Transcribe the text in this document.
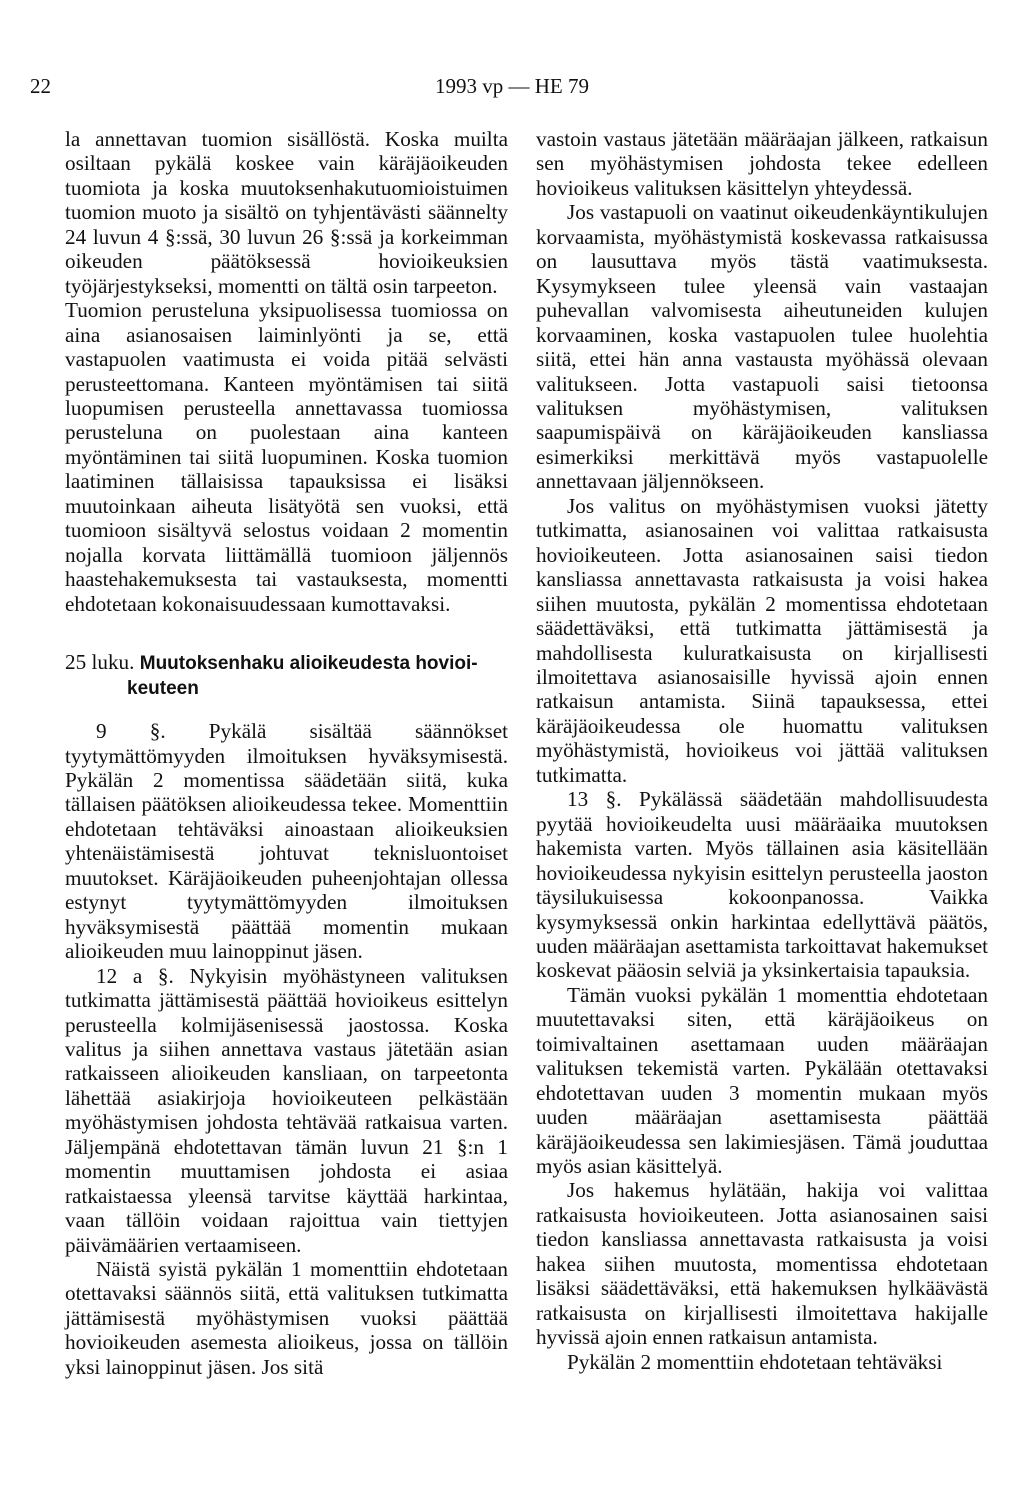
22	1993 vp — HE 79

la annettavan tuomion sisällöstä. Koska muilta osiltaan pykälä koskee vain käräjäoikeuden tuomiota ja koska muutoksenhakutuomioistuimen tuomion muoto ja sisältö on tyhjentävästi säännelty 24 luvun 4 §:ssä, 30 luvun 26 §:ssä ja korkeimman oikeuden päätöksessä hovioikeuksien työjärjestykseksi, momentti on tältä osin tarpeeton.

Tuomion perusteluna yksipuolisessa tuomiossa on aina asianosaisen laiminlyönti ja se, että vastapuolen vaatimusta ei voida pitää selvästi perusteettomana. Kanteen myöntämisen tai siitä luopumisen perusteella annettavassa tuomiossa perusteluna on puolestaan aina kanteen myöntäminen tai siitä luopuminen. Koska tuomion laatiminen tällaisissa tapauksissa ei lisäksi muutoinkaan aiheuta lisätyötä sen vuoksi, että tuomioon sisältyvä selostus voidaan 2 momentin nojalla korvata liittämällä tuomioon jäljennös haastehakemuksesta tai vastauksesta, momentti ehdotetaan kokonaisuudessaan kumottavaksi.

25 luku. Muutoksenhaku alioikeudesta hovioi-
keuteen

9 §. Pykälä sisältää säännökset tyytymättömyyden ilmoituksen hyväksymisestä. Pykälän 2 momentissa säädetään siitä, kuka tällaisen päätöksen alioikeudessa tekee. Momenttiin ehdotetaan tehtäväksi ainoastaan alioikeuksien yhtenäistämisestä johtuvat teknisluontoiset muutokset. Käräjäoikeuden puheenjohtajan ollessa estynyt tyytymättömyyden ilmoituksen hyväksymisestä päättää momentin mukaan alioikeuden muu lainoppinut jäsen.

12 a §. Nykyisin myöhästyneen valituksen tutkimatta jättämisestä päättää hovioikeus esittelyn perusteella kolmijäsenisessä jaostossa. Koska valitus ja siihen annettava vastaus jätetään asian ratkaisseen alioikeuden kansliaan, on tarpeetonta lähettää asiakirjoja hovioikeuteen pelkästään myöhästymisen johdosta tehtävää ratkaisua varten. Jäljempänä ehdotettavan tämän luvun 21 §:n 1 momentin muuttamisen johdosta ei asiaa ratkaistaessa yleensä tarvitse käyttää harkintaa, vaan tällöin voidaan rajoittua vain tiettyjen päivämäärien vertaamiseen.

Näistä syistä pykälän 1 momenttiin ehdotetaan otettavaksi säännös siitä, että valituksen tutkimatta jättämisestä myöhästymisen vuoksi päättää hovioikeuden asemesta alioikeus, jossa on tällöin yksi lainoppinut jäsen. Jos sitä

vastoin vastaus jätetään määräajan jälkeen, ratkaisun sen myöhästymisen johdosta tekee edelleen hovioikeus valituksen käsittelyn yhteydessä.

Jos vastapuoli on vaatinut oikeudenkäyntikulujen korvaamista, myöhästymistä koskevassa ratkaisussa on lausuttava myös tästä vaatimuksesta. Kysymykseen tulee yleensä vain vastaajan puhevallan valvomisesta aiheutuneiden kulujen korvaaminen, koska vastapuolen tulee huolehtia siitä, ettei hän anna vastausta myöhässä olevaan valitukseen. Jotta vastapuoli saisi tietoonsa valituksen myöhästymisen, valituksen saapumispäivä on käräjäoikeuden kansliassa esimerkiksi merkittävä myös vastapuolelle annettavaan jäljennökseen.

Jos valitus on myöhästymisen vuoksi jätetty tutkimatta, asianosainen voi valittaa ratkaisusta hovioikeuteen. Jotta asianosainen saisi tiedon kansliassa annettavasta ratkaisusta ja voisi hakea siihen muutosta, pykälän 2 momentissa ehdotetaan säädettäväksi, että tutkimatta jättämisestä ja mahdollisesta kuluratkaisusta on kirjallisesti ilmoitettava asianosaisille hyvissä ajoin ennen ratkaisun antamista. Siinä tapauksessa, ettei käräjäoikeudessa ole huomattu valituksen myöhästymistä, hovioikeus voi jättää valituksen tutkimatta.

13 §. Pykälässä säädetään mahdollisuudesta pyytää hovioikeudelta uusi määräaika muutoksen hakemista varten. Myös tällainen asia käsitellään hovioikeudessa nykyisin esittelyn perusteella jaoston täysilukuisessa kokoonpanossa. Vaikka kysymyksessä onkin harkintaa edellyttävä päätös, uuden määräajan asettamista tarkoittavat hakemukset koskevat pääosin selviä ja yksinkertaisia tapauksia.

Tämän vuoksi pykälän 1 momenttia ehdotetaan muutettavaksi siten, että käräjäoikeus on toimivaltainen asettamaan uuden määräajan valituksen tekemistä varten. Pykälään otettavaksi ehdotettavan uuden 3 momentin mukaan myös uuden määräajan asettamisesta päättää käräjäoikeudessa sen lakimiesjäsen. Tämä jouduttaa myös asian käsittelyä.

Jos hakemus hylätään, hakija voi valittaa ratkaisusta hovioikeuteen. Jotta asianosainen saisi tiedon kansliassa annettavasta ratkaisusta ja voisi hakea siihen muutosta, momentissa ehdotetaan lisäksi säädettäväksi, että hakemuksen hylkäävästä ratkaisusta on kirjallisesti ilmoitettava hakijalle hyvissä ajoin ennen ratkaisun antamista.

Pykälän 2 momenttiin ehdotetaan tehtäväksi
